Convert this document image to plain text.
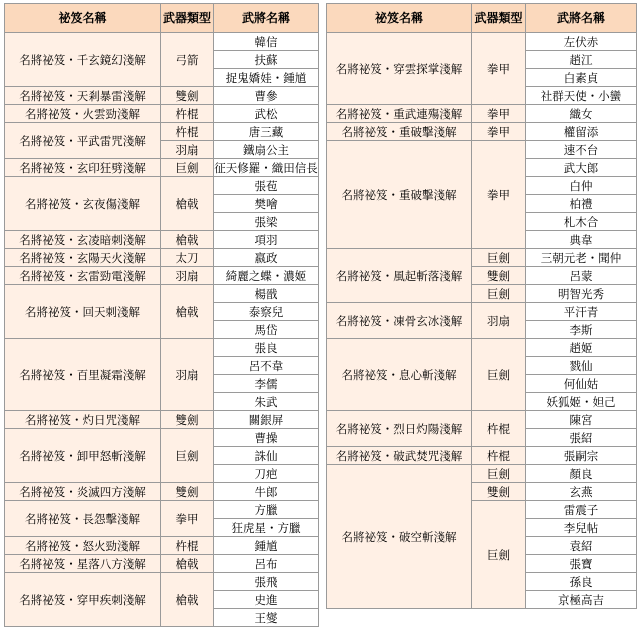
祕笈名稱	武器類型	武將名稱
名將祕笈・千玄鏡幻淺解	弓箭	韓信
		扶蘇
		捉鬼嬌娃・鍾馗
名將祕笈・天剎暴雷淺解	雙劍	曹參
名將祕笈・火雲勁淺解	杵棍	武松
名將祕笈・平武雷咒淺解	杵棍	唐三藏
	羽扇	鐵扇公主
名將祕笈・玄印狂劈淺解	巨劍	征天修羅・織田信長
名將祕笈・玄夜傷淺解	槍戟	張苞
		樊噲
		張梁
名將祕笈・玄凌暗刺淺解	槍戟	項羽
名將祕笈・玄陽天火淺解	太刀	嬴政
名將祕笈・玄雷勁電淺解	羽扇	綺麗之蝶・濃姬
名將祕笈・回天刺淺解	槍戟	楊戩
		泰察兒
		馬岱
名將祕笈・百里凝霜淺解	羽扇	張良
		呂不韋
		李儒
		朱武
名將祕笈・灼日咒淺解	雙劍	關銀屏
名將祕笈・卸甲怒斬淺解	巨劍	曹操
		誅仙
		刀疤
名將祕笈・炎滅四方淺解	雙劍	牛郎
名將祕笈・長怨擊淺解	拳甲	方臘
		狂虎星・方臘
名將祕笈・怒火勁淺解	杵棍	鍾馗
名將祕笈・星落八方淺解	槍戟	呂布
名將祕笈・穿甲疾刺淺解	槍戟	張飛
		史進
		王燮
祕笈名稱	武器類型	武將名稱
名將祕笈・穿雲探掌淺解	拳甲	左伏赤
		趙江
		白素貞
		社群天使・小蠻
名將祕笈・重武連殤淺解	拳甲	織女
名將祕笈・重破擊淺解	拳甲	權留添
名將祕笈・重破擊淺解	拳甲	速不台
		武大郎
		白仲
		柏禮
		札木合
		典韋
名將祕笈・風起斬落淺解	巨劍	三朝元老・聞仲
	雙劍	呂蒙
	巨劍	明智光秀
名將祕笈・凍骨玄冰淺解	羽扇	平汗青
		李斯
名將祕笈・息心斬淺解	巨劍	趙姬
		戮仙
		何仙姑
		妖狐姬・妲己
名將祕笈・烈日灼陽淺解	杵棍	陳宮
		張紹
名將祕笈・破武焚咒淺解	杵棍	張嗣宗
名將祕笈・破空斬淺解	巨劍	顏良
	雙劍	玄燕
	巨劍	雷震子
		李兒帖
		袁紹
		張寶
		孫良
		京極高吉
